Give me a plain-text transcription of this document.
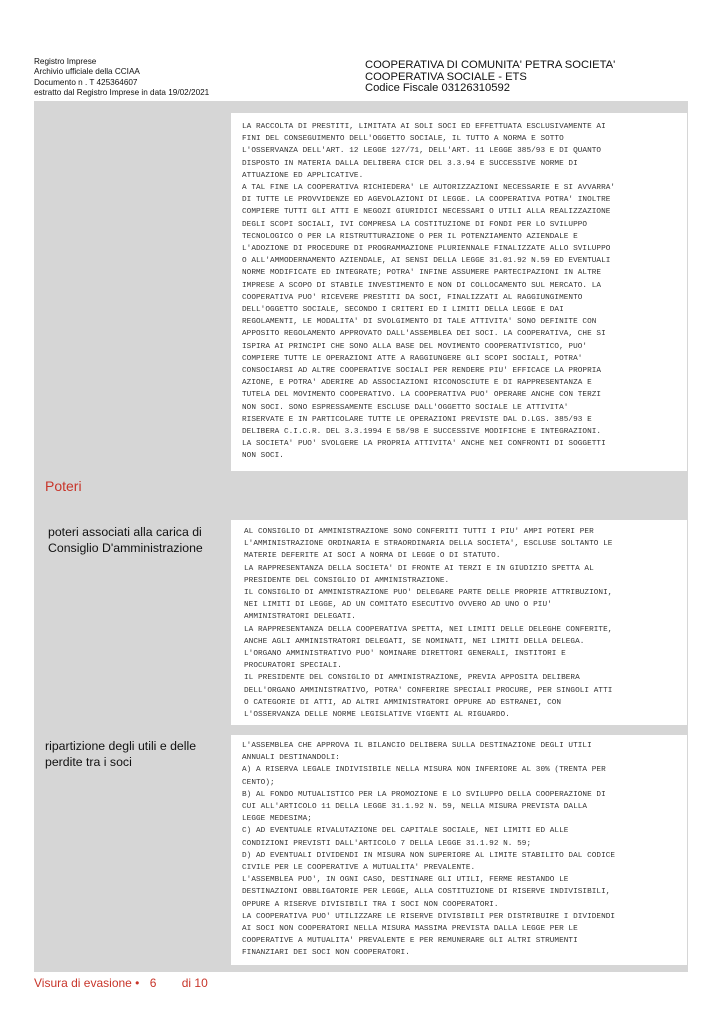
Registro Imprese
Archivio ufficiale della CCIAA
Documento n . T 425364607
estratto dal Registro Imprese in data 19/02/2021
COOPERATIVA DI COMUNITA' PETRA SOCIETA'
COOPERATIVA SOCIALE - ETS
Codice Fiscale 03126310592
LA RACCOLTA DI PRESTITI, LIMITATA AI SOLI SOCI ED EFFETTUATA ESCLUSIVAMENTE AI
FINI DEL CONSEGUIMENTO DELL'OGGETTO SOCIALE, IL TUTTO A NORMA E SOTTO
L'OSSERVANZA DELL'ART. 12 LEGGE 127/71, DELL'ART. 11 LEGGE 385/93 E DI QUANTO
DISPOSTO IN MATERIA DALLA DELIBERA CICR DEL 3.3.94 E SUCCESSIVE NORME DI
ATTUAZIONE ED APPLICATIVE.
A TAL FINE LA COOPERATIVA RICHIEDERA' LE AUTORIZZAZIONI NECESSARIE E SI AVVARRA'
DI TUTTE LE PROVVIDENZE ED AGEVOLAZIONI DI LEGGE. LA COOPERATIVA POTRA' INOLTRE
COMPIERE TUTTI GLI ATTI E NEGOZI GIURIDICI NECESSARI O UTILI ALLA REALIZZAZIONE
DEGLI SCOPI SOCIALI, IVI COMPRESA LA COSTITUZIONE DI FONDI PER LO SVILUPPO
TECNOLOGICO O PER LA RISTRUTTURAZIONE O PER IL POTENZIAMENTO AZIENDALE E
L'ADOZIONE DI PROCEDURE DI PROGRAMMAZIONE PLURIENNALE FINALIZZATE ALLO SVILUPPO
O ALL'AMMODERNAMENTO AZIENDALE, AI SENSI DELLA LEGGE 31.01.92 N.59 ED EVENTUALI
NORME MODIFICATE ED INTEGRATE; POTRA' INFINE ASSUMERE PARTECIPAZIONI IN ALTRE
IMPRESE A SCOPO DI STABILE INVESTIMENTO E NON DI COLLOCAMENTO SUL MERCATO. LA
COOPERATIVA PUO' RICEVERE PRESTITI DA SOCI, FINALIZZATI AL RAGGIUNGIMENTO
DELL'OGGETTO SOCIALE, SECONDO I CRITERI ED I LIMITI DELLA LEGGE E DAI
REGOLAMENTI, LE MODALITA' DI SVOLGIMENTO DI TALE ATTIVITA' SONO DEFINITE CON
APPOSITO REGOLAMENTO APPROVATO DALL'ASSEMBLEA DEI SOCI. LA COOPERATIVA, CHE SI
ISPIRA AI PRINCIPI CHE SONO ALLA BASE DEL MOVIMENTO COOPERATIVISTICO, PUO'
COMPIERE TUTTE LE OPERAZIONI ATTE A RAGGIUNGERE GLI SCOPI SOCIALI, POTRA'
CONSOCIARSI AD ALTRE COOPERATIVE SOCIALI PER RENDERE PIU' EFFICACE LA PROPRIA
AZIONE, E POTRA' ADERIRE AD ASSOCIAZIONI RICONOSCIUTE E DI RAPPRESENTANZA E
TUTELA DEL MOVIMENTO COOPERATIVO. LA COOPERATIVA PUO' OPERARE ANCHE CON TERZI
NON SOCI. SONO ESPRESSAMENTE ESCLUSE DALL'OGGETTO SOCIALE LE ATTIVITA'
RISERVATE E IN PARTICOLARE TUTTE LE OPERAZIONI PREVISTE DAL D.LGS. 385/93 E
DELIBERA C.I.C.R. DEL 3.3.1994 E 58/98 E SUCCESSIVE MODIFICHE E INTEGRAZIONI.
LA SOCIETA' PUO' SVOLGERE LA PROPRIA ATTIVITA' ANCHE NEI CONFRONTI DI SOGGETTI
NON SOCI.
Poteri
poteri associati alla carica di
Consiglio D'amministrazione
AL CONSIGLIO DI AMMINISTRAZIONE SONO CONFERITI TUTTI I PIU' AMPI POTERI PER
L'AMMINISTRAZIONE ORDINARIA E STRAORDINARIA DELLA SOCIETA', ESCLUSE SOLTANTO LE
MATERIE DEFERITE AI SOCI A NORMA DI LEGGE O DI STATUTO.
LA RAPPRESENTANZA DELLA SOCIETA' DI FRONTE AI TERZI E IN GIUDIZIO SPETTA AL
PRESIDENTE DEL CONSIGLIO DI AMMINISTRAZIONE.
IL CONSIGLIO DI AMMINISTRAZIONE PUO' DELEGARE PARTE DELLE PROPRIE ATTRIBUZIONI,
NEI LIMITI DI LEGGE, AD UN COMITATO ESECUTIVO OVVERO AD UNO O PIU'
AMMINISTRATORI DELEGATI.
LA RAPPRESENTANZA DELLA COOPERATIVA SPETTA, NEI LIMITI DELLE DELEGHE CONFERITE,
ANCHE AGLI AMMINISTRATORI DELEGATI, SE NOMINATI, NEI LIMITI DELLA DELEGA.
L'ORGANO AMMINISTRATIVO PUO' NOMINARE DIRETTORI GENERALI, INSTITORI E
PROCURATORI SPECIALI.
IL PRESIDENTE DEL CONSIGLIO DI AMMINISTRAZIONE, PREVIA APPOSITA DELIBERA
DELL'ORGANO AMMINISTRATIVO, POTRA' CONFERIRE SPECIALI PROCURE, PER SINGOLI ATTI
O CATEGORIE DI ATTI, AD ALTRI AMMINISTRATORI OPPURE AD ESTRANEI, CON
L'OSSERVANZA DELLE NORME LEGISLATIVE VIGENTI AL RIGUARDO.
ripartizione degli utili e delle
perdite tra i soci
L'ASSEMBLEA CHE APPROVA IL BILANCIO DELIBERA SULLA DESTINAZIONE DEGLI UTILI
ANNUALI DESTINANDOLI:
A) A RISERVA LEGALE INDIVISIBILE NELLA MISURA NON INFERIORE AL 30% (TRENTA PER
CENTO);
B) AL FONDO MUTUALISTICO PER LA PROMOZIONE E LO SVILUPPO DELLA COOPERAZIONE DI
CUI ALL'ARTICOLO 11 DELLA LEGGE 31.1.92 N. 59, NELLA MISURA PREVISTA DALLA
LEGGE MEDESIMA;
C) AD EVENTUALE RIVALUTAZIONE DEL CAPITALE SOCIALE, NEI LIMITI ED ALLE
CONDIZIONI PREVISTI DALL'ARTICOLO 7 DELLA LEGGE 31.1.92 N. 59;
D) AD EVENTUALI DIVIDENDI IN MISURA NON SUPERIORE AL LIMITE STABILITO DAL CODICE
CIVILE PER LE COOPERATIVE A MUTUALITA' PREVALENTE.
L'ASSEMBLEA PUO', IN OGNI CASO, DESTINARE GLI UTILI, FERME RESTANDO LE
DESTINAZIONI OBBLIGATORIE PER LEGGE, ALLA COSTITUZIONE DI RISERVE INDIVISIBILI,
OPPURE A RISERVE DIVISIBILI TRA I SOCI NON COOPERATORI.
LA COOPERATIVA PUO' UTILIZZARE LE RISERVE DIVISIBILI PER DISTRIBUIRE I DIVIDENDI
AI SOCI NON COOPERATORI NELLA MISURA MASSIMA PREVISTA DALLA LEGGE PER LE
COOPERATIVE A MUTUALITA' PREVALENTE E PER REMUNERARE GLI ALTRI STRUMENTI
FINANZIARI DEI SOCI NON COOPERATORI.
Visura di evasione • 6 di 10
